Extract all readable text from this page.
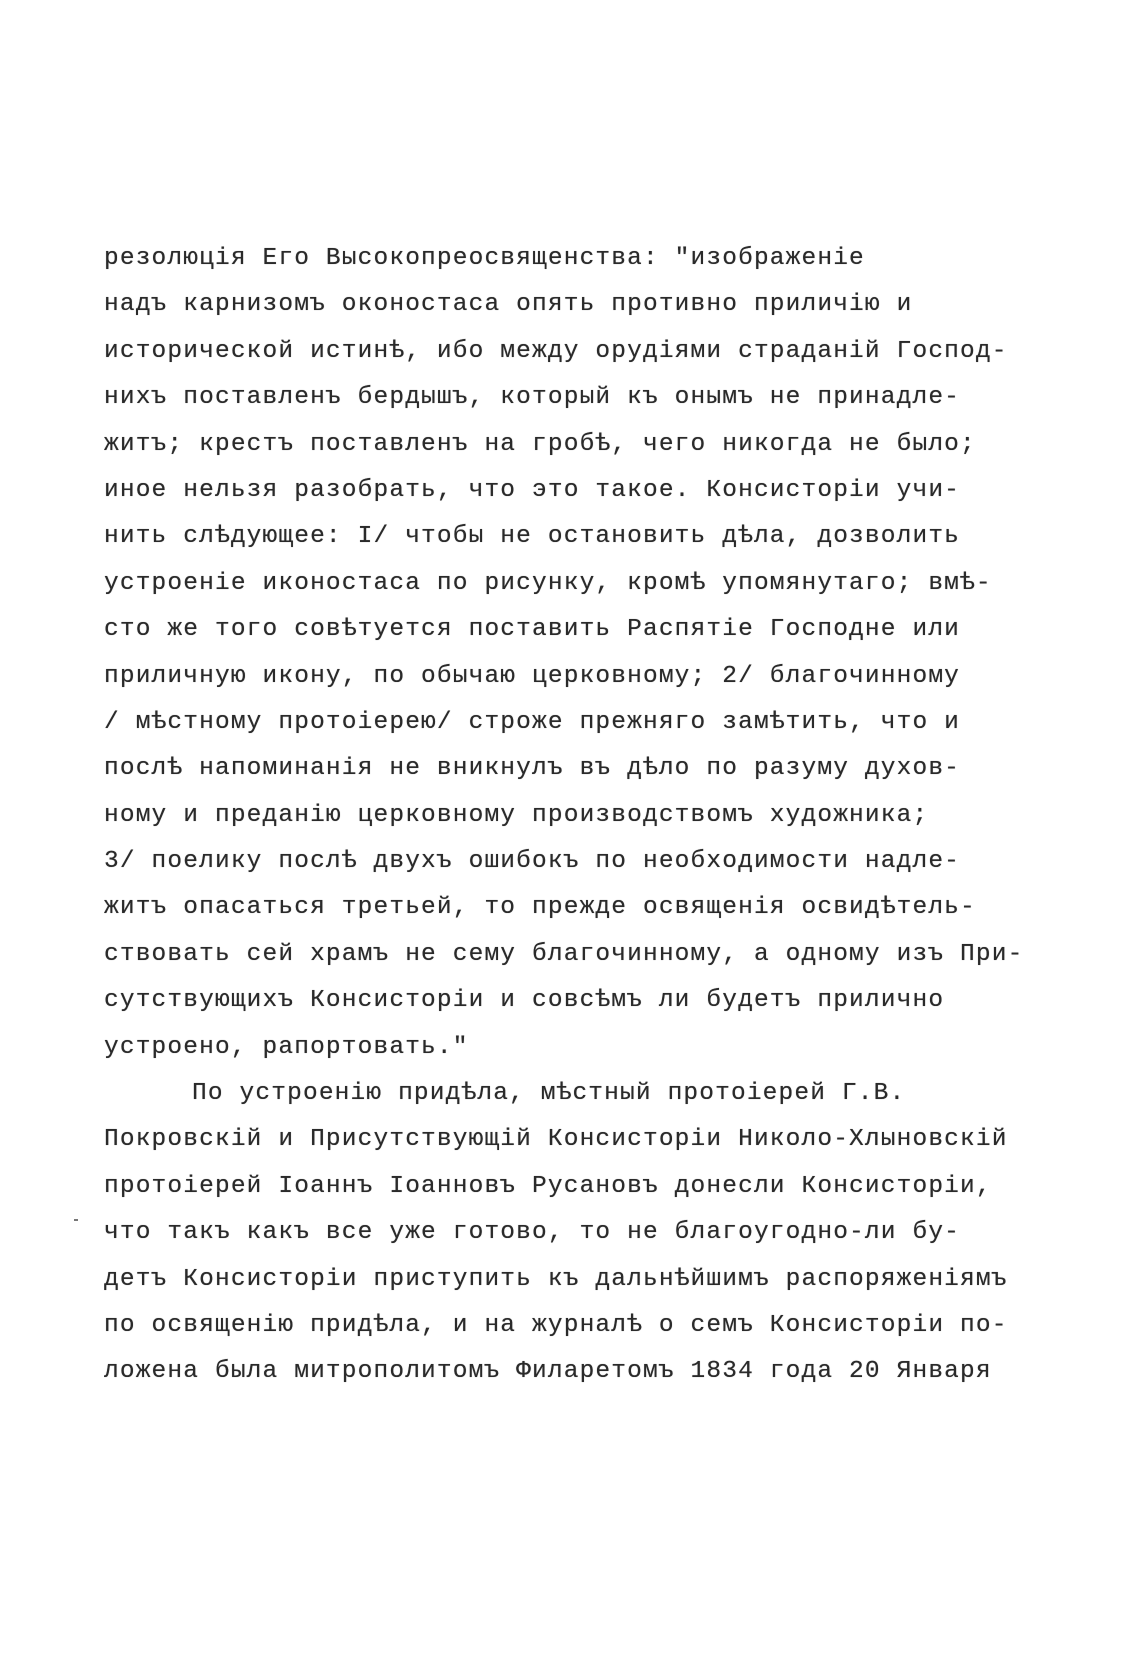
резолюція Его Высокопреосвященства: "изображеніе
надъ карнизомъ оконостаса опять противно приличію и
исторической истинѣ, ибо между орудіями страданій Господ-
нихъ поставленъ бердышъ, который къ онымъ не принадле-
житъ; крестъ поставленъ на гробѣ, чего никогда не было;
иное нельзя разобрать, что это такое. Консисторіи учи-
нить слѣдующее: I/ чтобы не остановить дѣла, дозволить
устроеніе иконостаса по рисунку, кромѣ упомянутаго; вмѣ-
сто же того совѣтуется поставить Распятіе Господне или
приличную икону, по обычаю церковному; 2/ благочинному
/ мѣстному протоіерею/ строже прежняго замѣтить, что и
послѣ напоминанія не вникнулъ въ дѣло по разуму духов-
ному и преданію церковному производствомъ художника;
3/ поелику послѣ двухъ ошибокъ по необходимости надле-
житъ опасаться третьей, то прежде освященія освидѣтель-
ствовать сей храмъ не сему благочинному, а одному изъ При-
сутствующихъ Консисторіи и совсѣмъ ли будетъ прилично
устроено, рапортовать."
По устроенію придѣла, мѣстный протоіерей Г.В.
Покровскій и Присутствующій Консисторіи Николо-Хлыновскій
протоіерей Іоаннъ Іоанновъ Русановъ донесли Консисторіи,
что такъ какъ все уже готово, то не благоугодно-ли бу-
детъ Консисторіи приступить къ дальнѣйшимъ распоряженіямъ
по освященію придѣла, и на журналѣ о семъ Консисторіи по-
ложена была митрополитомъ Филаретомъ 1834 года 20 Января
